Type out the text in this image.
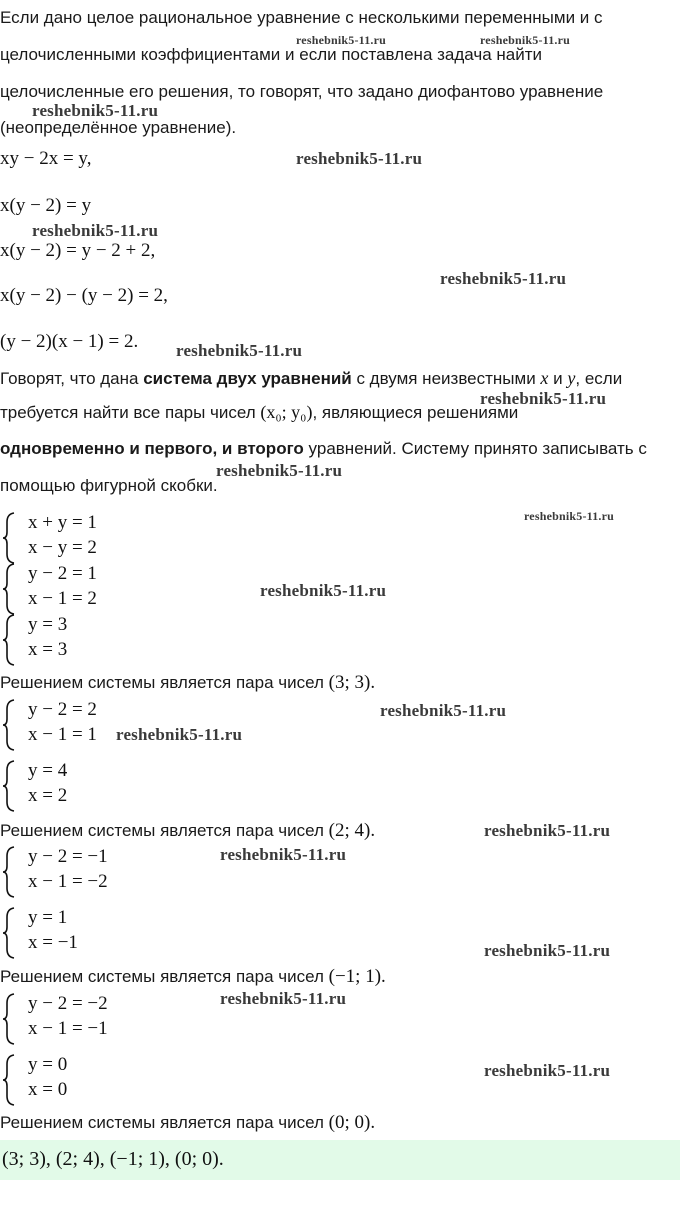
Если дано целое рациональное уравнение с несколькими переменными и с
целочисленными коэффициентами и если поставлена задача найти
целочисленные его решения, то говорят, что задано диофантово уравнение
(неопределённое уравнение).
xy − 2x = y,
x(y − 2) = y
x(y − 2) = y − 2 + 2,
x(y − 2) − (y − 2) = 2,
(y − 2)(x − 1) = 2.
Говорят, что дана система двух уравнений с двумя неизвестными x и y, если
требуется найти все пары чисел (x₀; y₀), являющиеся решениями
одновременно и первого, и второго уравнений. Систему принято записывать с
помощью фигурной скобки.
x + y = 1
x − y = 2
y − 2 = 1
x − 1 = 2
y = 3
x = 3
Решением системы является пара чисел (3; 3).
y − 2 = 2
x − 1 = 1
y = 4
x = 2
Решением системы является пара чисел (2; 4).
y − 2 = −1
x − 1 = −2
y = 1
x = −1
Решением системы является пара чисел (−1; 1).
y − 2 = −2
x − 1 = −1
y = 0
x = 0
Решением системы является пара чисел (0; 0).
(3; 3), (2; 4), (−1; 1), (0; 0).
reshebnik5-11.ru	reshebnik5-11.ru
reshebnik5-11.ru
reshebnik5-11.ru
reshebnik5-11.ru
reshebnik5-11.ru
reshebnik5-11.ru
reshebnik5-11.ru
reshebnik5-11.ru
reshebnik5-11.ru
reshebnik5-11.ru
reshebnik5-11.ru
reshebnik5-11.ru
reshebnik5-11.ru
reshebnik5-11.ru
reshebnik5-11.ru
reshebnik5-11.ru
reshebnik5-11.ru
